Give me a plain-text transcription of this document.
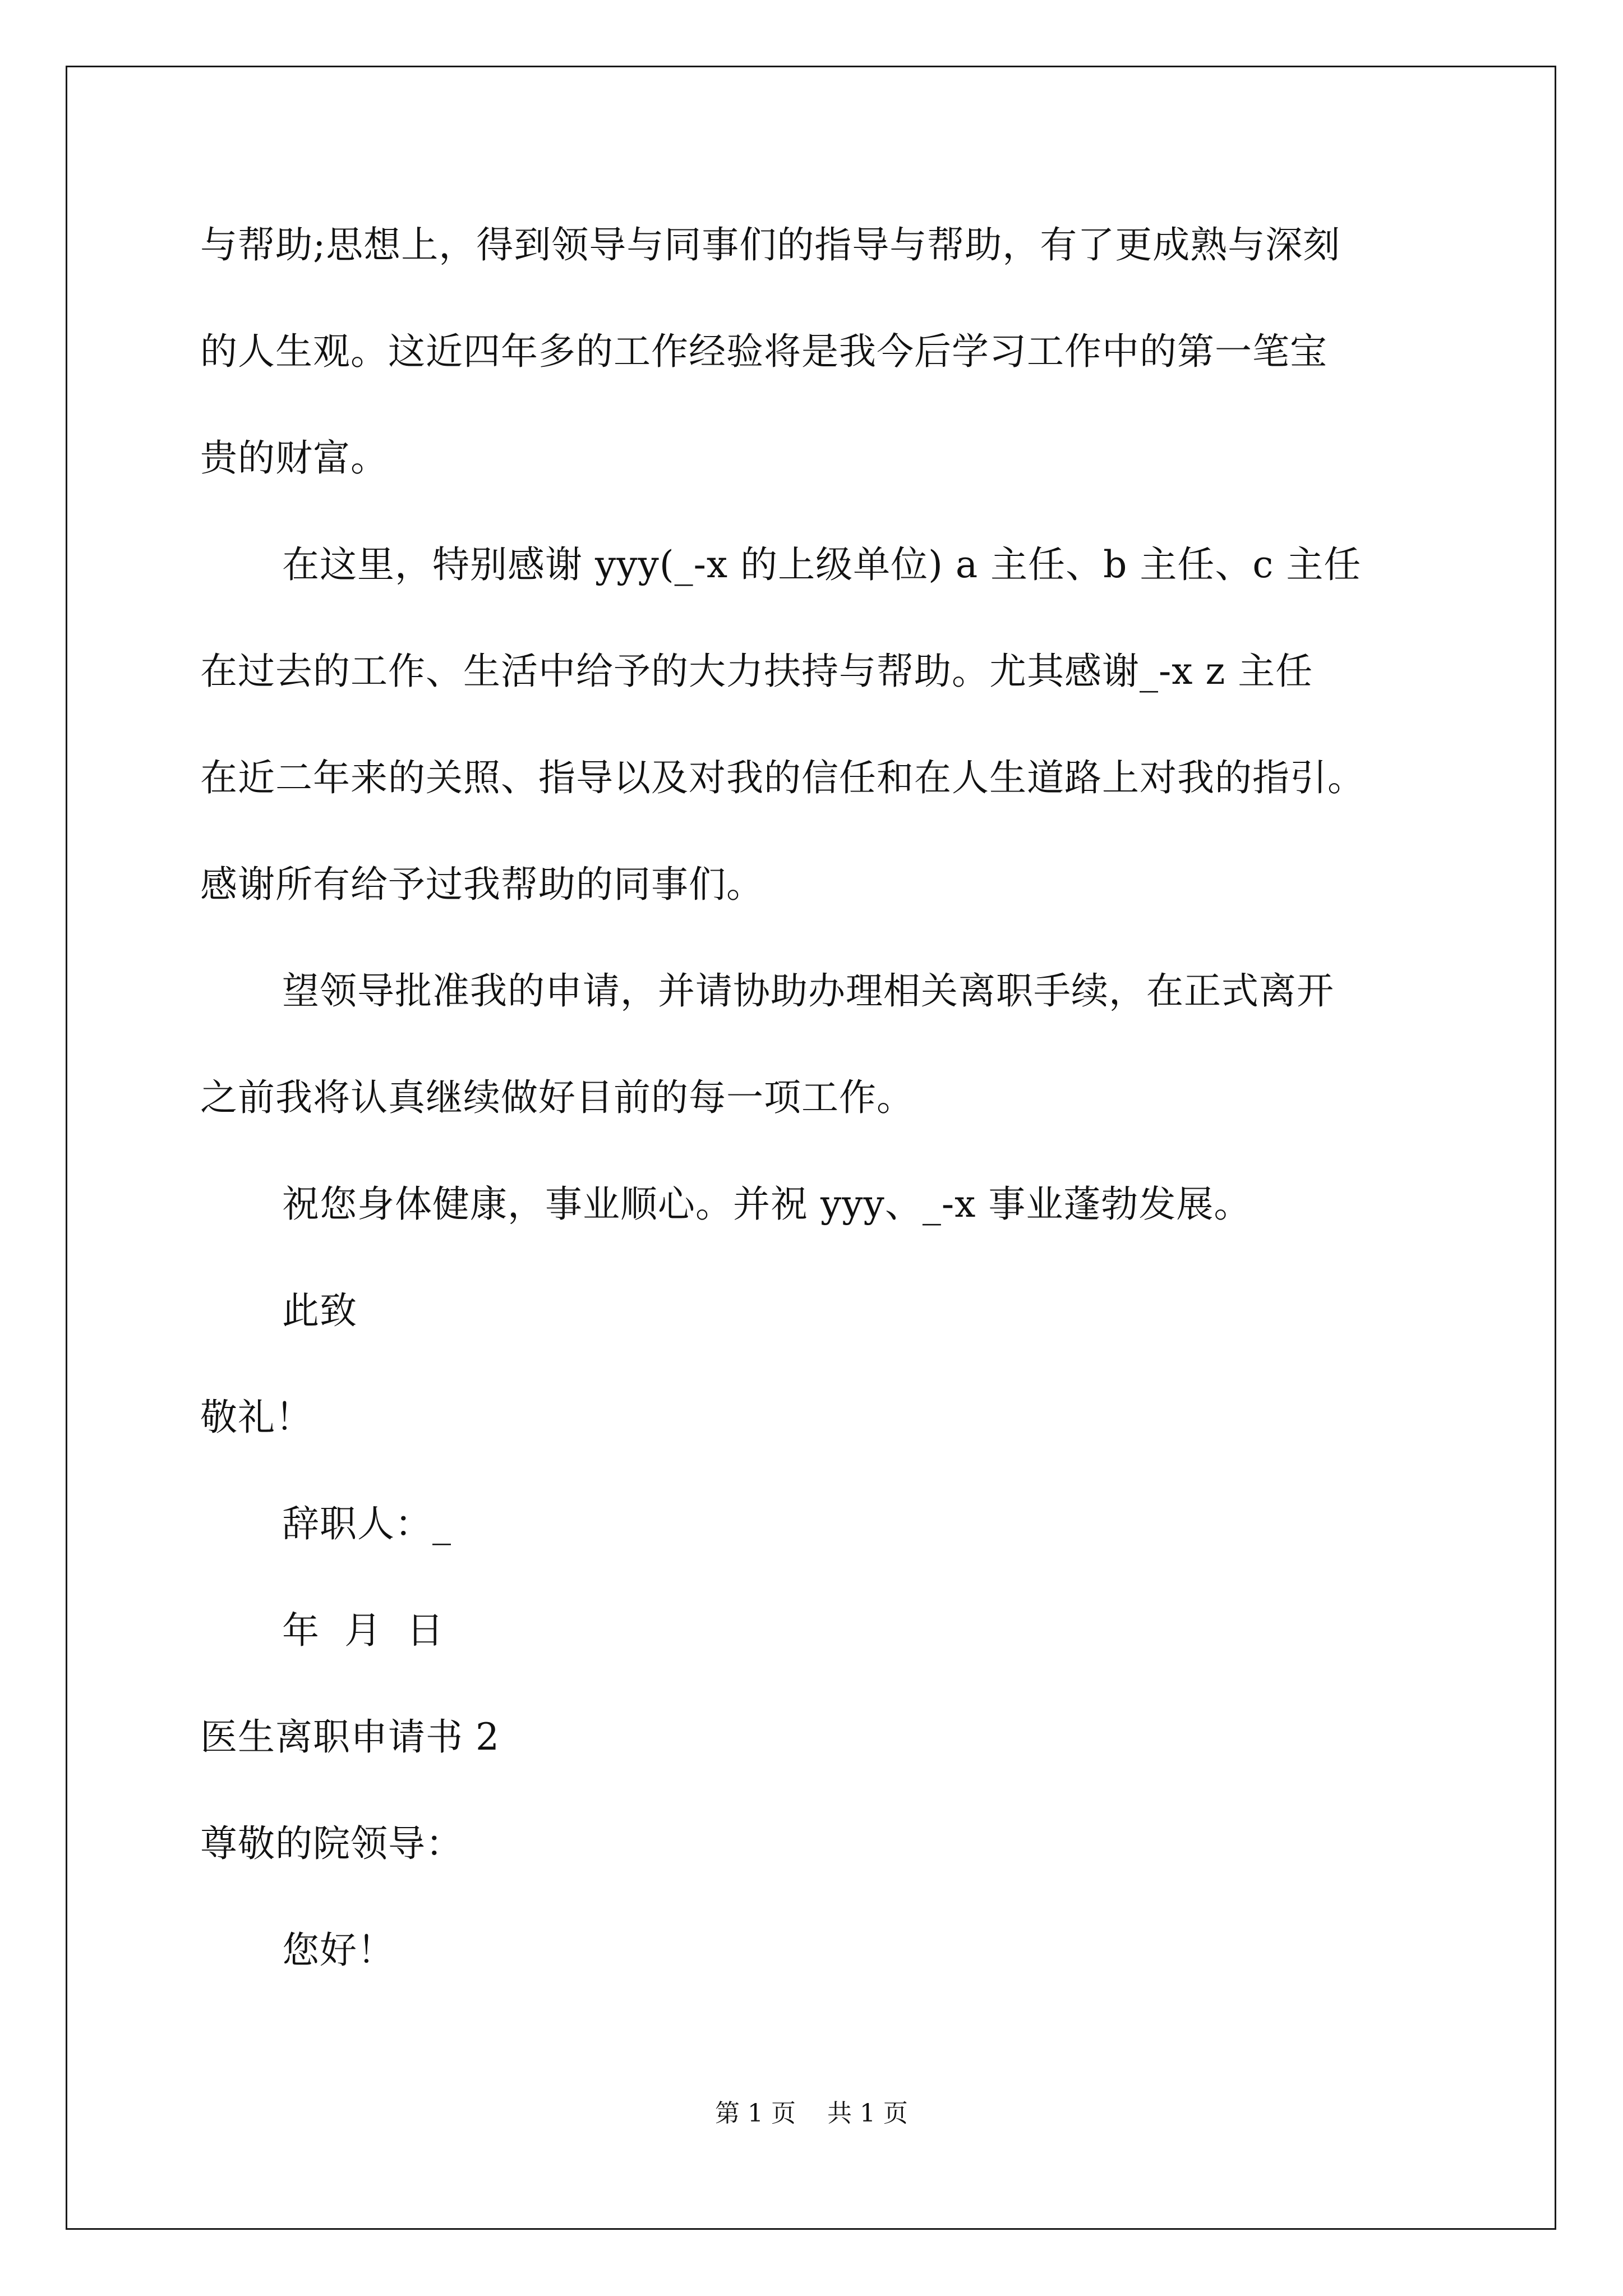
与帮助;思想上，得到领导与同事们的指导与帮助，有了更成熟与深刻
的人生观。这近四年多的工作经验将是我今后学习工作中的第一笔宝
贵的财富。
在这里，特别感谢 yyy(_-x 的上级单位) a 主任、b 主任、c 主任
在过去的工作、生活中给予的大力扶持与帮助。尤其感谢_-x z 主任
在近二年来的关照、指导以及对我的信任和在人生道路上对我的指引。
感谢所有给予过我帮助的同事们。
望领导批准我的申请，并请协助办理相关离职手续，在正式离开
之前我将认真继续做好目前的每一项工作。
祝您身体健康，事业顺心。并祝 yyy、_-x 事业蓬勃发展。
此致
敬礼！
辞职人：_
年  月  日
医生离职申请书 2
尊敬的院领导：
您好！
第 1 页    共 1 页
